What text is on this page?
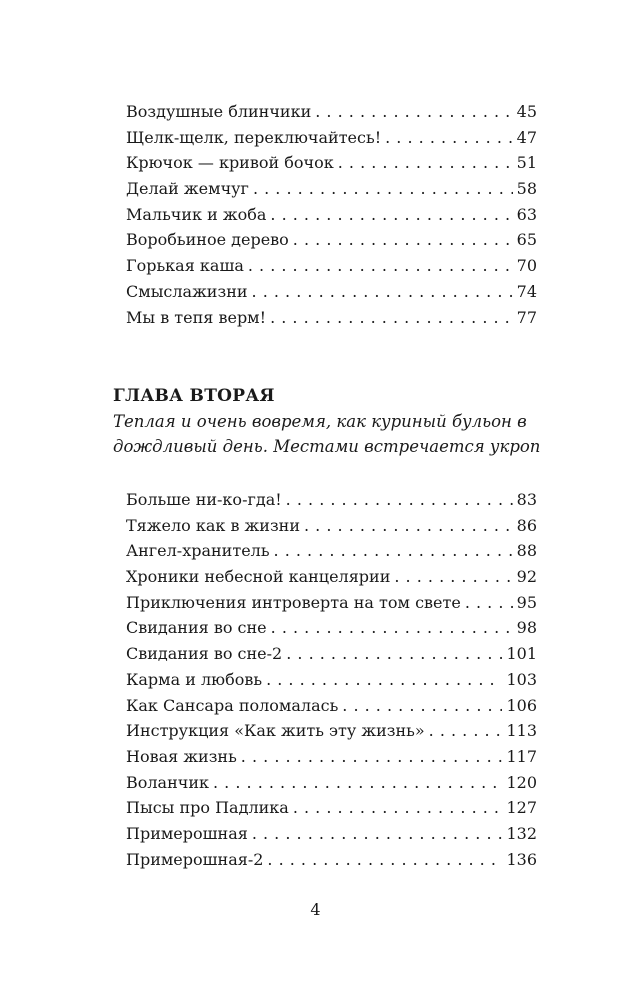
Воздушные блинчики . . .	45
Щелк-щелк, переключайтесь! . . .	47
Крючок — кривой бочок . . .	51
Делай жемчуг . . .	58
Мальчик и жоба . . .	63
Воробьиное дерево . . .	65
Горькая каша . . .	70
Смыслажизни . . .	74
Мы в тепя верм! . . .	77
ГЛАВА ВТОРАЯ
Теплая и очень вовремя, как куриный бульон в дождливый день. Местами встречается укроп
Больше ни-ко-гда! . . .	83
Тяжело как в жизни . . .	86
Ангел-хранитель . . .	88
Хроники небесной канцелярии . . .	92
Приключения интроверта на том свете . . .	95
Свидания во сне . . .	98
Свидания во сне-2 . . .	101
Карма и любовь . . .	103
Как Сансара поломалась . . .	106
Инструкция «Как жить эту жизнь» . . .	113
Новая жизнь . . .	117
Воланчик . . .	120
Пысы про Падлика . . .	127
Примерошная . . .	132
Примерошная-2 . . .	136
4
